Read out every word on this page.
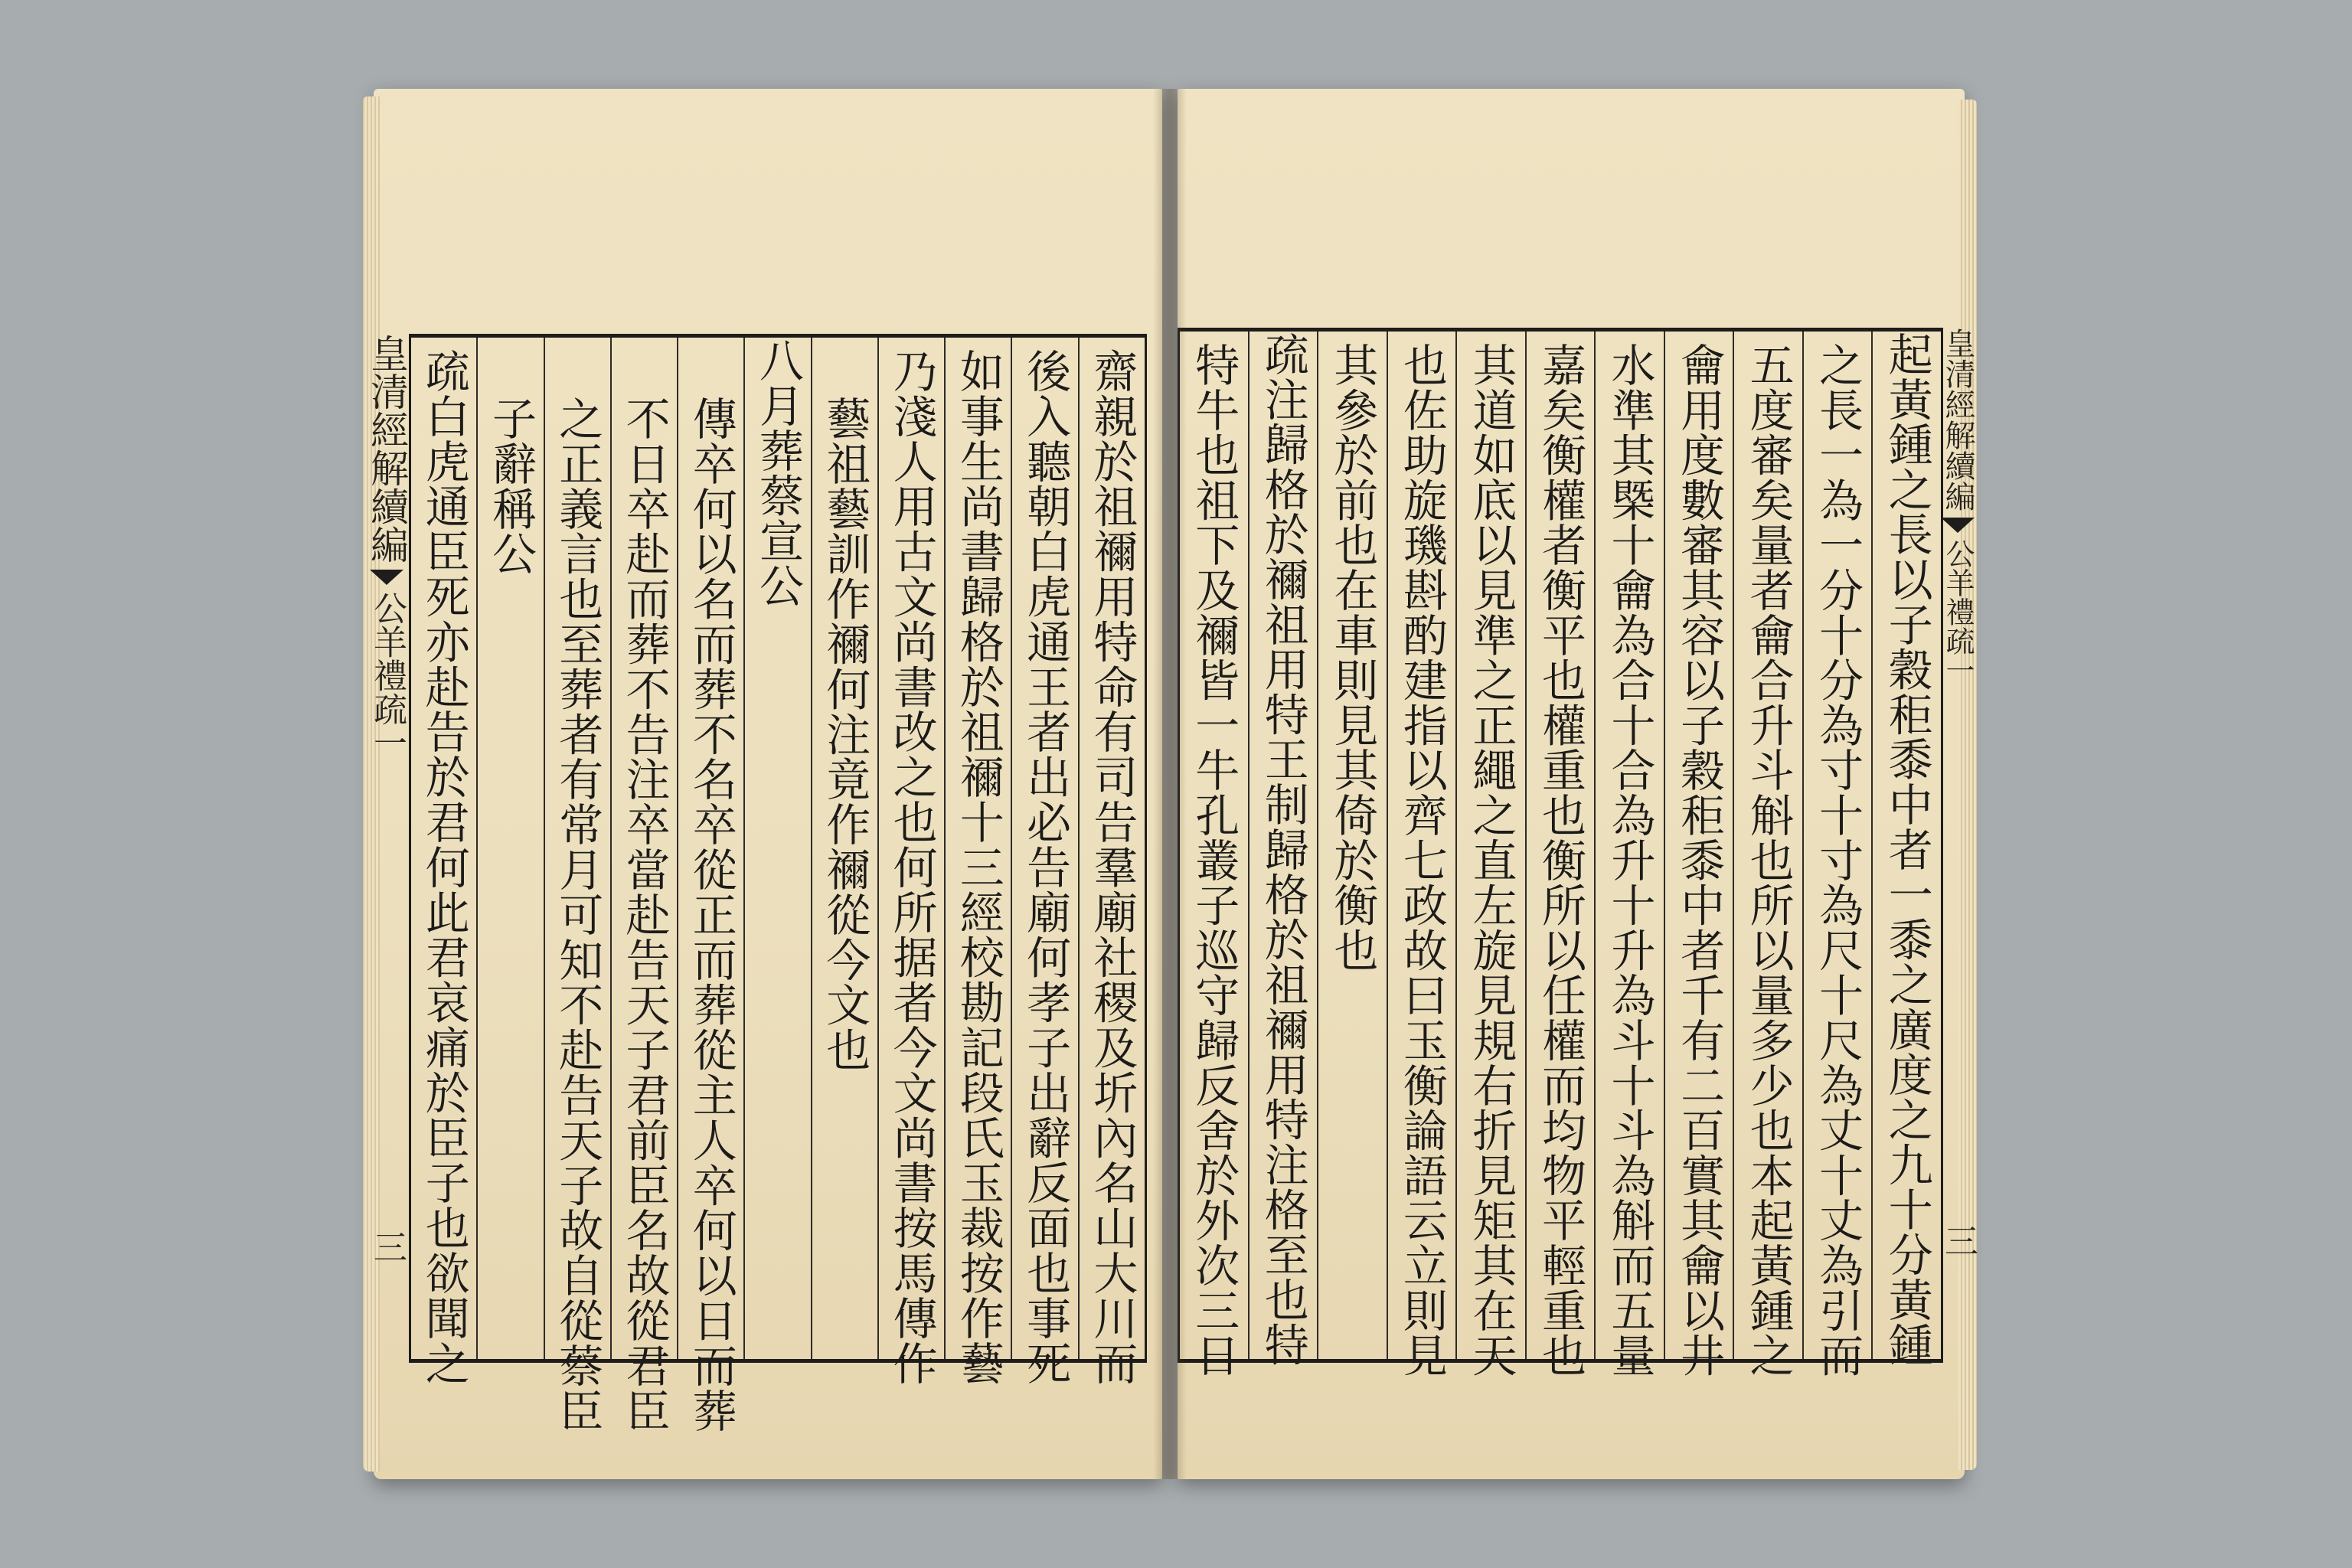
齋親於祖禰用特命有司告羣廟社稷及圻內名山大川而
後入聽朝白虎通王者出必告廟何孝子出辭反面也事死
如事生尚書歸格於祖禰十三經校勘記段氏玉裁按作藝
乃淺人用古文尚書改之也何所据者今文尚書按馬傳作
藝祖藝訓作禰何注竟作禰從今文也
八月葬蔡宣公
傳卒何以名而葬不名卒從正而葬從主人卒何以日而葬
不日卒赴而葬不告注卒當赴告天子君前臣名故從君臣
之正義言也至葬者有常月可知不赴告天子故自從蔡臣
子辭稱公
疏白虎通臣死亦赴告於君何此君哀痛於臣子也欲聞之
皇清經解續編
公羊禮疏一
三	起黃鍾之長以子穀秬黍中者一黍之廣度之九十分黃鍾
之長一為一分十分為寸十寸為尺十尺為丈十丈為引而
五度審矣量者龠合升斗斛也所以量多少也本起黃鍾之
龠用度數審其容以子穀秬黍中者千有二百實其龠以井
水準其槩十龠為合十合為升十升為斗十斗為斛而五量
嘉矣衡權者衡平也權重也衡所以任權而均物平輕重也
其道如底以見準之正繩之直左旋見規右折見矩其在天
也佐助旋璣斟酌建指以齊七政故曰玉衡論語云立則見
其參於前也在車則見其倚於衡也
疏注歸格於禰祖用特王制歸格於祖禰用特注格至也特
特牛也祖下及禰皆一牛孔叢子巡守歸反舍於外次三日	皇清經解續編
公羊禮疏一
三
